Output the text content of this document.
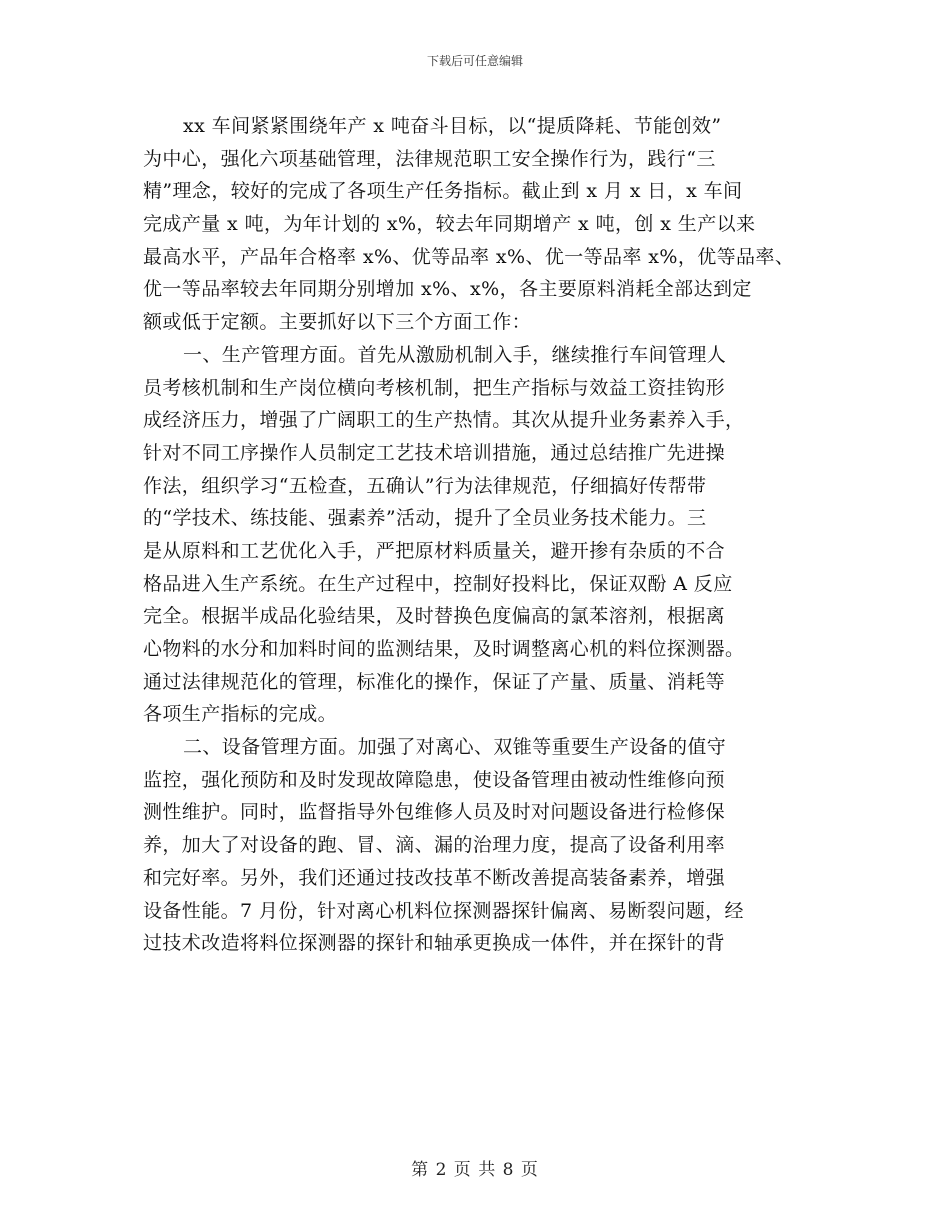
下载后可任意编辑
xx 车间紧紧围绕年产 x 吨奋斗目标，以“提质降耗、节能创效”
为中心，强化六项基础管理，法律规范职工安全操作行为，践行“三
精”理念，较好的完成了各项生产任务指标。截止到 x 月 x 日，x 车间
完成产量 x 吨，为年计划的 x%，较去年同期增产 x 吨，创 x 生产以来
最高水平，产品年合格率 x%、优等品率 x%、优一等品率 x%，优等品率、
优一等品率较去年同期分别增加 x%、x%，各主要原料消耗全部达到定
额或低于定额。主要抓好以下三个方面工作：
一、生产管理方面。首先从激励机制入手，继续推行车间管理人
员考核机制和生产岗位横向考核机制，把生产指标与效益工资挂钩形
成经济压力，增强了广阔职工的生产热情。其次从提升业务素养入手，
针对不同工序操作人员制定工艺技术培训措施，通过总结推广先进操
作法，组织学习“五检查，五确认”行为法律规范，仔细搞好传帮带
的“学技术、练技能、强素养”活动，提升了全员业务技术能力。三
是从原料和工艺优化入手，严把原材料质量关，避开掺有杂质的不合
格品进入生产系统。在生产过程中，控制好投料比，保证双酚 A 反应
完全。根据半成品化验结果，及时替换色度偏高的氯苯溶剂，根据离
心物料的水分和加料时间的监测结果，及时调整离心机的料位探测器。
通过法律规范化的管理，标准化的操作，保证了产量、质量、消耗等
各项生产指标的完成。
二、设备管理方面。加强了对离心、双锥等重要生产设备的值守
监控，强化预防和及时发现故障隐患，使设备管理由被动性维修向预
测性维护。同时，监督指导外包维修人员及时对问题设备进行检修保
养，加大了对设备的跑、冒、滴、漏的治理力度，提高了设备利用率
和完好率。另外，我们还通过技改技革不断改善提高装备素养，增强
设备性能。7 月份，针对离心机料位探测器探针偏离、易断裂问题，经
过技术改造将料位探测器的探针和轴承更换成一体件，并在探针的背
第 2 页 共 8 页
